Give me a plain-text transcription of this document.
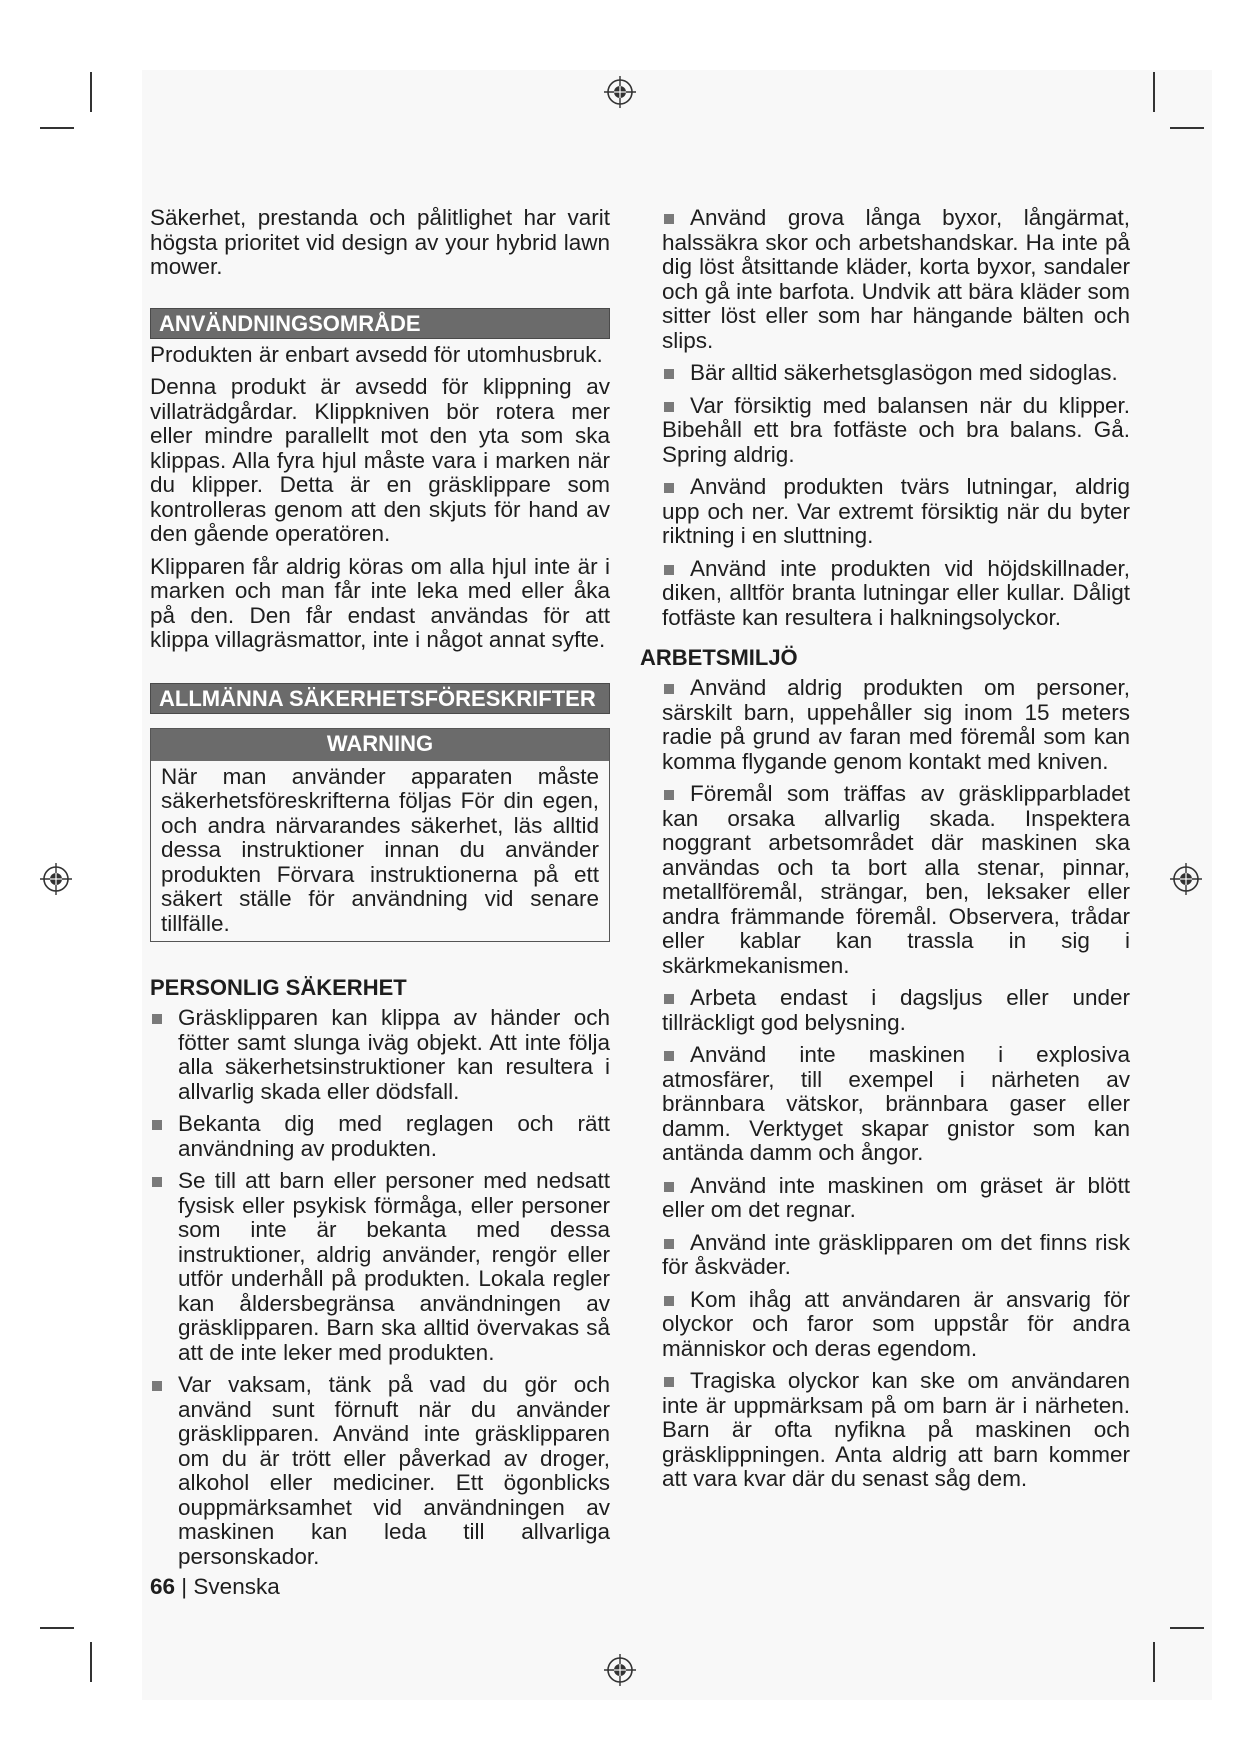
Säkerhet, prestanda och pålitlighet har varit högsta prioritet vid design av your hybrid lawn mower.

ANVÄNDNINGSOMRÅDE

Produkten är enbart avsedd för utomhusbruk.

Denna produkt är avsedd för klippning av villaträdgårdar. Klippkniven bör rotera mer eller mindre parallellt mot den yta som ska klippas. Alla fyra hjul måste vara i marken när du klipper. Detta är en gräsklippare som kontrolleras genom att den skjuts för hand av den gående operatören.

Klipparen får aldrig köras om alla hjul inte är i marken och man får inte leka med eller åka på den. Den får endast användas för att klippa villagräsmattor, inte i något annat syfte.

ALLMÄNNA SÄKERHETSFÖRESKRIFTER
WARNING

När man använder apparaten måste säkerhetsföreskrifterna följas För din egen, och andra närvarandes säkerhet, läs alltid dessa instruktioner innan du använder produkten Förvara instruktionerna på ett säkert ställe för användning vid senare tillfälle.

PERSONLIG SÄKERHET
Gräsklipparen kan klippa av händer och fötter samt slunga iväg objekt. Att inte följa alla säkerhetsinstruktioner kan resultera i allvarlig skada eller dödsfall.
Bekanta dig med reglagen och rätt användning av produkten.
Se till att barn eller personer med nedsatt fysisk eller psykisk förmåga, eller personer som inte är bekanta med dessa instruktioner, aldrig använder, rengör eller utför underhåll på produkten. Lokala regler kan åldersbegränsa användningen av gräsklipparen. Barn ska alltid övervakas så att de inte leker med produkten.
Var vaksam, tänk på vad du gör och använd sunt förnuft när du använder gräsklipparen. Använd inte gräsklipparen om du är trött eller påverkad av droger, alkohol eller mediciner. Ett ögonblicks ouppmärksamhet vid användningen av maskinen kan leda till allvarliga personskador.
Använd grova långa byxor, långärmat, halssäkra skor och arbetshandskar. Ha inte på dig löst åtsittande kläder, korta byxor, sandaler och gå inte barfota. Undvik att bära kläder som sitter löst eller som har hängande bälten och slips.
Bär alltid säkerhetsglasögon med sidoglas.
Var försiktig med balansen när du klipper. Bibehåll ett bra fotfäste och bra balans. Gå. Spring aldrig.
Använd produkten tvärs lutningar, aldrig upp och ner. Var extremt försiktig när du byter riktning i en sluttning.
Använd inte produkten vid höjdskillnader, diken, alltför branta lutningar eller kullar. Dåligt fotfäste kan resultera i halkningsolyckor.
ARBETSMILJÖ
Använd aldrig produkten om personer, särskilt barn, uppehåller sig inom 15 meters radie på grund av faran med föremål som kan komma flygande genom kontakt med kniven.
Föremål som träffas av gräsklipparbladet kan orsaka allvarlig skada. Inspektera noggrant arbetsområdet där maskinen ska användas och ta bort alla stenar, pinnar, metallföremål, strängar, ben, leksaker eller andra främmande föremål. Observera, trådar eller kablar kan trassla in sig i skärkmekanismen.
Arbeta endast i dagsljus eller under tillräckligt god belysning.
Använd inte maskinen i explosiva atmosfärer, till exempel i närheten av brännbara vätskor, brännbara gaser eller damm. Verktyget skapar gnistor som kan antända damm och ångor.
Använd inte maskinen om gräset är blött eller om det regnar.
Använd inte gräsklipparen om det finns risk för åskväder.
Kom ihåg att användaren är ansvarig för olyckor och faror som uppstår för andra människor och deras egendom.
Tragiska olyckor kan ske om användaren inte är uppmärksam på om barn är i närheten. Barn är ofta nyfikna på maskinen och gräsklippningen. Anta aldrig att barn kommer att vara kvar där du senast såg dem.
66 | Svenska
